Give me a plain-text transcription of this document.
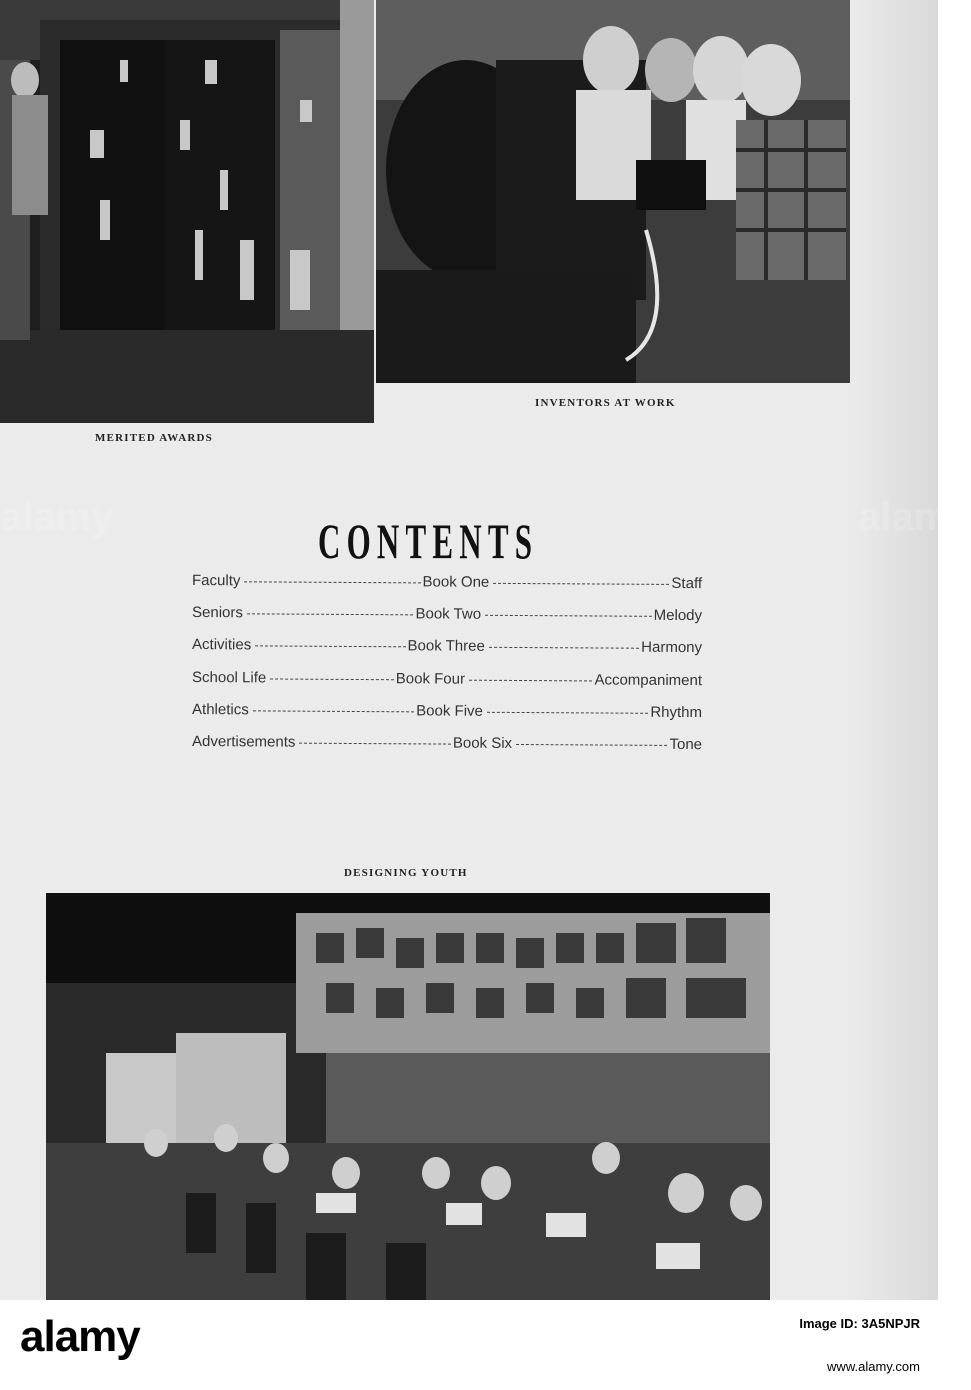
MERITED AWARDS
INVENTORS AT WORK
CONTENTS
Faculty	Book One	Staff
Seniors	Book Two	Melody
Activities	Book Three	Harmony
School Life	Book Four	Accompaniment
Athletics	Book Five	Rhythm
Advertisements	Book Six	Tone
DESIGNING YOUTH
alamy
alamy	Image ID: 3A5NPJR
www.alamy.com
